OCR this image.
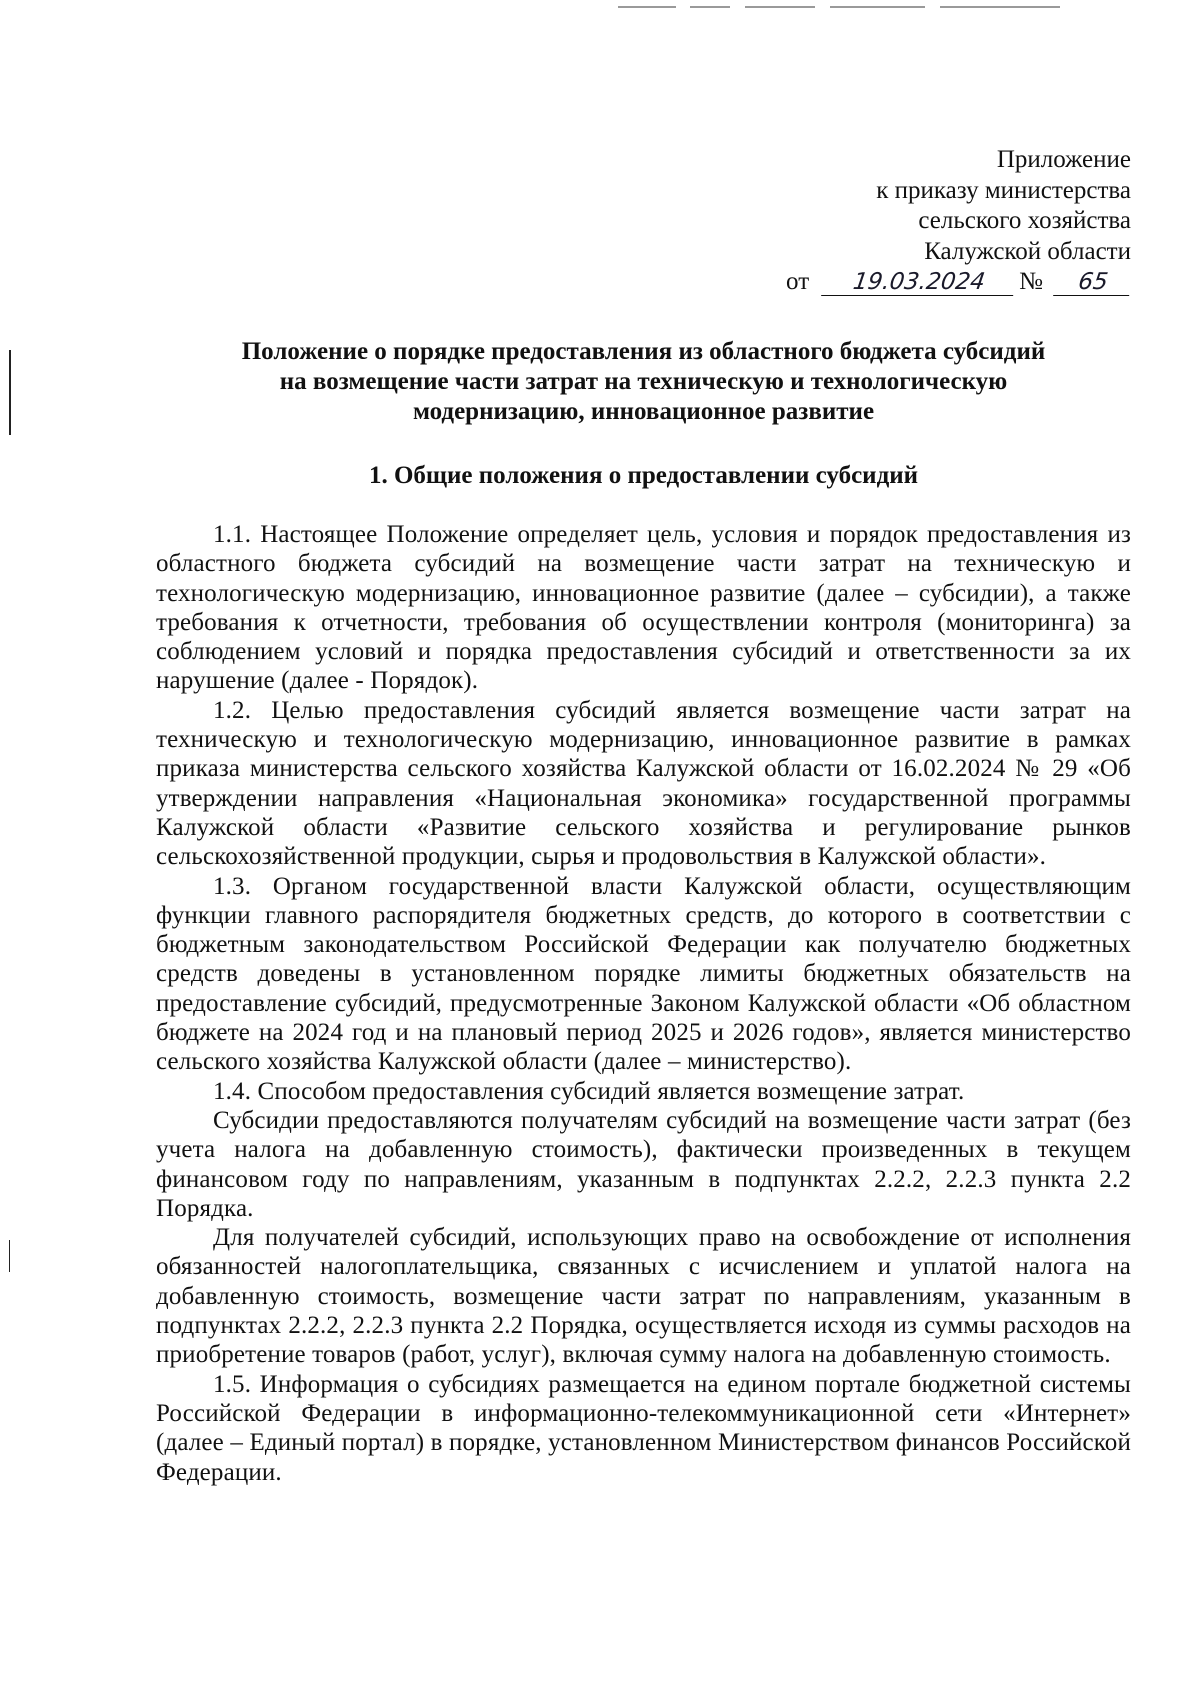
Приложение
к приказу министерства
сельского хозяйства
Калужской области
от 19.03.2024 № 65
Положение о порядке предоставления из областного бюджета субсидий
на возмещение части затрат на техническую и технологическую
модернизацию, инновационное развитие
1. Общие положения о предоставлении субсидий

1.1. Настоящее Положение определяет цель, условия и порядок предоставления из областного бюджета субсидий на возмещение части затрат на техническую и технологическую модернизацию, инновационное развитие (далее – субсидии), а также требования к отчетности, требования об осуществлении контроля (мониторинга) за соблюдением условий и порядка предоставления субсидий и ответственности за их нарушение (далее - Порядок).

1.2. Целью предоставления субсидий является возмещение части затрат на техническую и технологическую модернизацию, инновационное развитие в рамках приказа министерства сельского хозяйства Калужской области от 16.02.2024 № 29 «Об утверждении направления «Национальная экономика» государственной программы Калужской области «Развитие сельского хозяйства и регулирование рынков сельскохозяйственной продукции, сырья и продовольствия в Калужской области».

1.3. Органом государственной власти Калужской области, осуществляющим функции главного распорядителя бюджетных средств, до которого в соответствии с бюджетным законодательством Российской Федерации как получателю бюджетных средств доведены в установленном порядке лимиты бюджетных обязательств на предоставление субсидий, предусмотренные Законом Калужской области «Об областном бюджете на 2024 год и на плановый период 2025 и 2026 годов», является министерство сельского хозяйства Калужской области (далее – министерство).

1.4. Способом предоставления субсидий является возмещение затрат.

Субсидии предоставляются получателям субсидий на возмещение части затрат (без учета налога на добавленную стоимость), фактически произведенных в текущем финансовом году по направлениям, указанным в подпунктах 2.2.2, 2.2.3 пункта 2.2 Порядка.

Для получателей субсидий, использующих право на освобождение от исполнения обязанностей налогоплательщика, связанных с исчислением и уплатой налога на добавленную стоимость, возмещение части затрат по направлениям, указанным в подпунктах 2.2.2, 2.2.3 пункта 2.2 Порядка, осуществляется исходя из суммы расходов на приобретение товаров (работ, услуг), включая сумму налога на добавленную стоимость.

1.5. Информация о субсидиях размещается на едином портале бюджетной системы Российской Федерации в информационно-телекоммуникационной сети «Интернет» (далее – Единый портал) в порядке, установленном Министерством финансов Российской Федерации.
